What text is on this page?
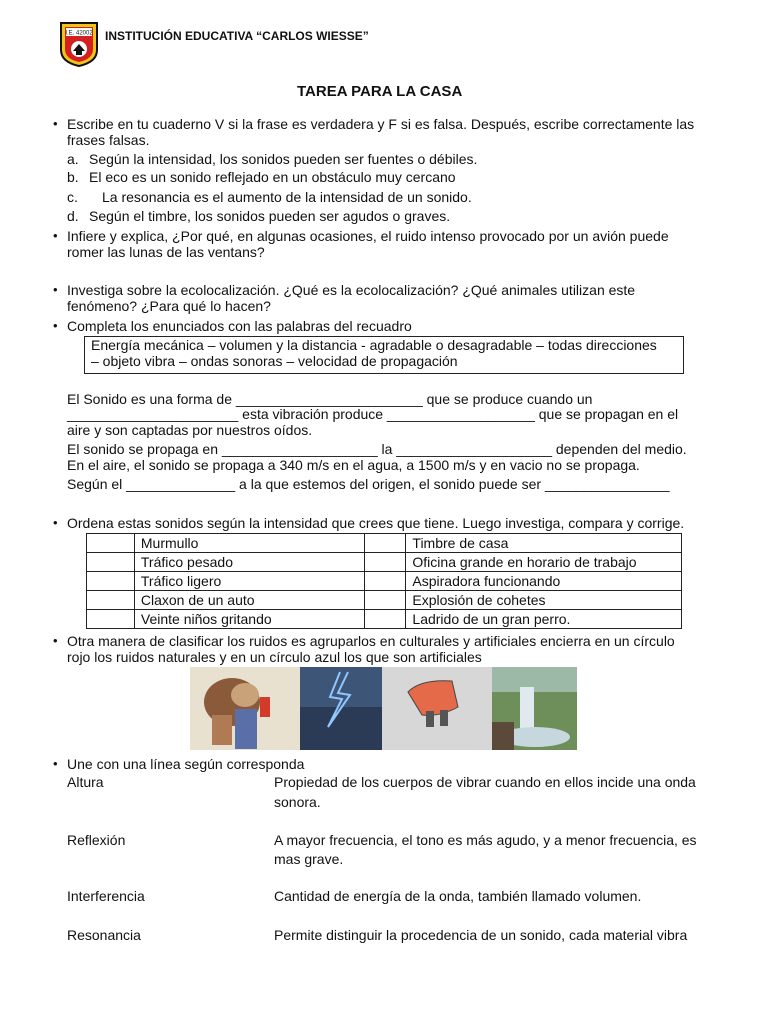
I.E. 42002 INSTITUCIÓN EDUCATIVA “CARLOS WIESSE”
TAREA PARA LA CASA
• Escribe en tu cuaderno V si la frase es verdadera y F si es falsa. Después, escribe correctamente las
frases falsas.
a. Según la intensidad, los sonidos pueden ser fuentes o débiles.
b. El eco es un sonido reflejado en un obstáculo muy cercano
c. La resonancia es el aumento de la intensidad de un sonido.
d. Según el timbre, los sonidos pueden ser agudos o graves.
• Infiere y explica, ¿Por qué, en algunas ocasiones, el ruido intenso provocado por un avión puede
romer las lunas de las ventans?
• Investiga sobre la ecolocalización. ¿Qué es la ecolocalización? ¿Qué animales utilizan este
fenómeno? ¿Para qué lo hacen?
• Completa los enunciados con las palabras del recuadro
Energía mecánica – volumen y la distancia - agradable o desagradable – todas direcciones
– objeto vibra – ondas sonoras – velocidad de propagación
El Sonido es una forma de ________________________ que se produce cuando un
______________________ esta vibración produce ___________________ que se propagan en el
aire y son captadas por nuestros oídos.
El sonido se propaga en ____________________ la ____________________ dependen del medio.
En el aire, el sonido se propaga a 340 m/s en el agua, a 1500 m/s y en vacio no se propaga.
Según el ______________ a la que estemos del origen, el sonido puede ser ________________
• Ordena estas sonidos según la intensidad que crees que tiene. Luego investiga, compara y corrige.
	Murmullo		Timbre de casa
	Tráfico pesado		Oficina grande en horario de trabajo
	Tráfico ligero		Aspiradora funcionando
	Claxon de un auto		Explosión de cohetes
	Veinte niños gritando		Ladrido de un gran perro.
• Otra manera de clasificar los ruidos es agruparlos en culturales y artificiales encierra en un círculo
rojo los ruidos naturales y en un círculo azul los que son artificiales
• Une con una línea según corresponda
Altura	Propiedad de los cuerpos de vibrar cuando en ellos incide una onda
sonora.
Reflexión	A mayor frecuencia, el tono es más agudo, y a menor frecuencia, es
mas grave.
Interferencia	Cantidad de energía de la onda, también llamado volumen.
Resonancia	Permite distinguir la procedencia de un sonido, cada material vibra
